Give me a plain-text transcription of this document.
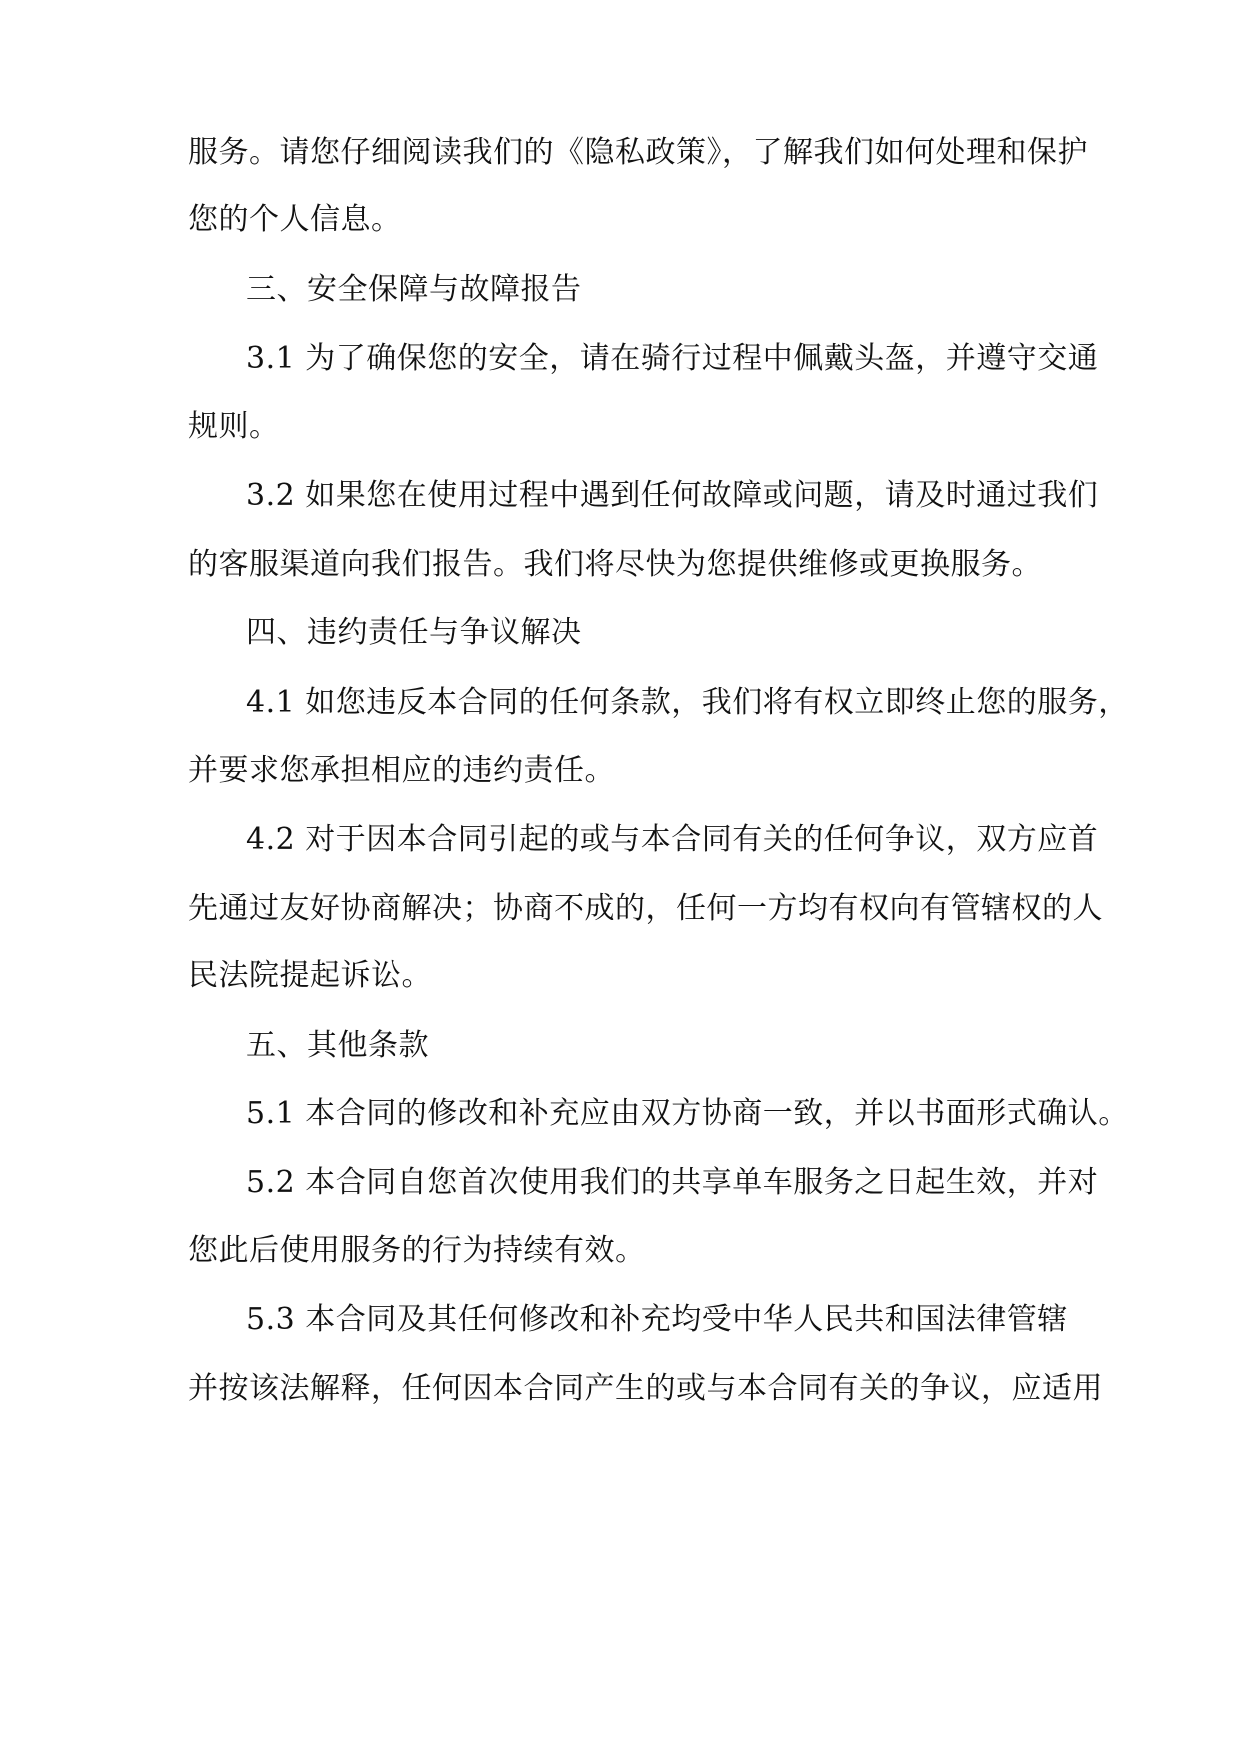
服务。请您仔细阅读我们的《隐私政策》，了解我们如何处理和保护
您的个人信息。
三、安全保障与故障报告
3.1 为了确保您的安全，请在骑行过程中佩戴头盔，并遵守交通
规则。
3.2 如果您在使用过程中遇到任何故障或问题，请及时通过我们
的客服渠道向我们报告。我们将尽快为您提供维修或更换服务。
四、违约责任与争议解决
4.1 如您违反本合同的任何条款，我们将有权立即终止您的服务，
并要求您承担相应的违约责任。
4.2 对于因本合同引起的或与本合同有关的任何争议，双方应首
先通过友好协商解决；协商不成的，任何一方均有权向有管辖权的人
民法院提起诉讼。
五、其他条款
5.1 本合同的修改和补充应由双方协商一致，并以书面形式确认。
5.2 本合同自您首次使用我们的共享单车服务之日起生效，并对
您此后使用服务的行为持续有效。
5.3 本合同及其任何修改和补充均受中华人民共和国法律管辖
并按该法解释，任何因本合同产生的或与本合同有关的争议，应适用
